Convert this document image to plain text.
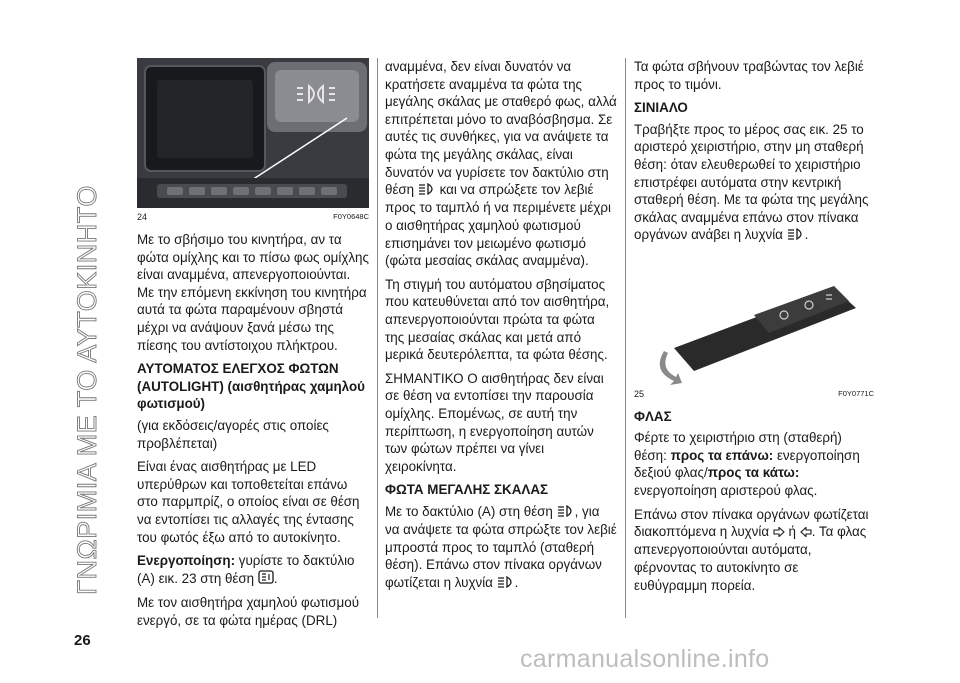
ΓΝΩΡΙΜΙΑ ΜΕ ΤΟ ΑΥΤΟΚΙΝΗΤΟ
26
24	F0Y0648C

Με το σβήσιμο του κινητήρα, αν τα φώτα ομίχλης και το πίσω φως ομίχλης είναι αναμμένα, απενεργοποιούνται. Με την επόμενη εκκίνηση του κινητήρα αυτά τα φώτα παραμένουν σβηστά μέχρι να ανάψουν ξανά μέσω της πίεσης του αντίστοιχου πλήκτρου.

ΑΥΤΟΜΑΤΟΣ ΕΛΕΓΧΟΣ ΦΩΤΩΝ (AUTOLIGHT) (αισθητήρας χαμηλού φωτισμού)

(για εκδόσεις/αγορές στις οποίες προβλέπεται)

Είναι ένας αισθητήρας με LED υπερύθρων και τοποθετείται επάνω στο παρμπρίζ, ο οποίος είναι σε θέση να εντοπίσει τις αλλαγές της έντασης του φωτός έξω από το αυτοκίνητο.

Ενεργοποίηση: γυρίστε το δακτύλιο (A) εικ. 23 στη θέση .

Με τον αισθητήρα χαμηλού φωτισμού ενεργό, σε τα φώτα ημέρας (DRL)

αναμμένα, δεν είναι δυνατόν να κρατήσετε αναμμένα τα φώτα της μεγάλης σκάλας με σταθερό φως, αλλά επιτρέπεται μόνο το αναβόσβησμα. Σε αυτές τις συνθήκες, για να ανάψετε τα φώτα της μεγάλης σκάλας, είναι δυνατόν να γυρίσετε τον δακτύλιο στη θέση  και να σπρώξετε τον λεβιέ προς το ταμπλό ή να περιμένετε μέχρι ο αισθητήρας χαμηλού φωτισμού επισημάνει τον μειωμένο φωτισμό (φώτα μεσαίας σκάλας αναμμένα).

Τη στιγμή του αυτόματου σβησίματος που κατευθύνεται από τον αισθητήρα, απενεργοποιούνται πρώτα τα φώτα της μεσαίας σκάλας και μετά από μερικά δευτερόλεπτα, τα φώτα θέσης.

ΣΗΜΑΝΤΙΚΟ Ο αισθητήρας δεν είναι σε θέση να εντοπίσει την παρουσία ομίχλης. Επομένως, σε αυτή την περίπτωση, η ενεργοποίηση αυτών των φώτων πρέπει να γίνει χειροκίνητα.

ΦΩΤΑ ΜΕΓΑΛΗΣ ΣΚΑΛΑΣ

Με το δακτύλιο (A) στη θέση , για να ανάψετε τα φώτα σπρώξτε τον λεβιέ μπροστά προς το ταμπλό (σταθερή θέση). Επάνω στον πίνακα οργάνων φωτίζεται η λυχνία .

Τα φώτα σβήνουν τραβώντας τον λεβιέ προς το τιμόνι.

ΣΙΝΙΑΛΟ

Τραβήξτε προς το μέρος σας εικ. 25 το αριστερό χειριστήριο, στην μη σταθερή θέση: όταν ελευθερωθεί το χειριστήριο επιστρέφει αυτόματα στην κεντρική σταθερή θέση. Με τα φώτα της μεγάλης σκάλας αναμμένα επάνω στον πίνακα οργάνων ανάβει η λυχνία .

25	F0Y0771C
ΦΛΑΣ

Φέρτε το χειριστήριο στη (σταθερή) θέση: προς τα επάνω: ενεργοποίηση δεξιού φλας/προς τα κάτω: ενεργοποίηση αριστερού φλας.

Επάνω στον πίνακα οργάνων φωτίζεται διακοπτόμενα η λυχνία  ή . Τα φλας απενεργοποιούνται αυτόματα, φέρνοντας το αυτοκίνητο σε ευθύγραμμη πορεία.

carmanualsonline.info
